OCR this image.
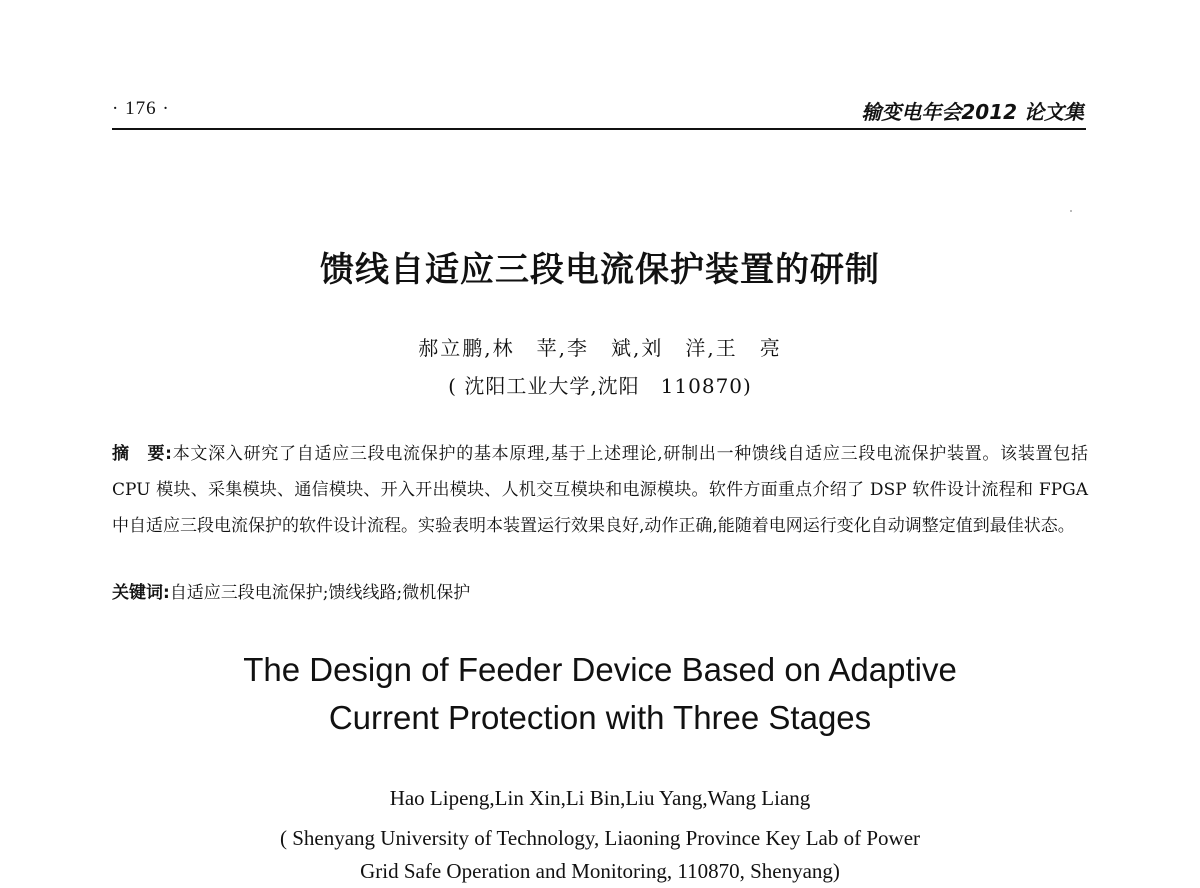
· 176 ·	输变电年会2012 论文集
馈线自适应三段电流保护装置的研制
郝立鹏,林　苹,李　斌,刘　洋,王　亮
( 沈阳工业大学,沈阳　110870)
摘　要:本文深入研究了自适应三段电流保护的基本原理,基于上述理论,研制出一种馈线自适应三段电流保护装置。该装置包括 CPU 模块、采集模块、通信模块、开入开出模块、人机交互模块和电源模块。软件方面重点介绍了 DSP 软件设计流程和 FPGA 中自适应三段电流保护的软件设计流程。实验表明本装置运行效果良好,动作正确,能随着电网运行变化自动调整定值到最佳状态。
关键词:自适应三段电流保护;馈线线路;微机保护
The Design of Feeder Device Based on Adaptive
Current Protection with Three Stages
Hao Lipeng,Lin Xin,Li Bin,Liu Yang,Wang Liang
( Shenyang University of Technology, Liaoning Province Key Lab of Power
Grid Safe Operation and Monitoring, 110870, Shenyang)
